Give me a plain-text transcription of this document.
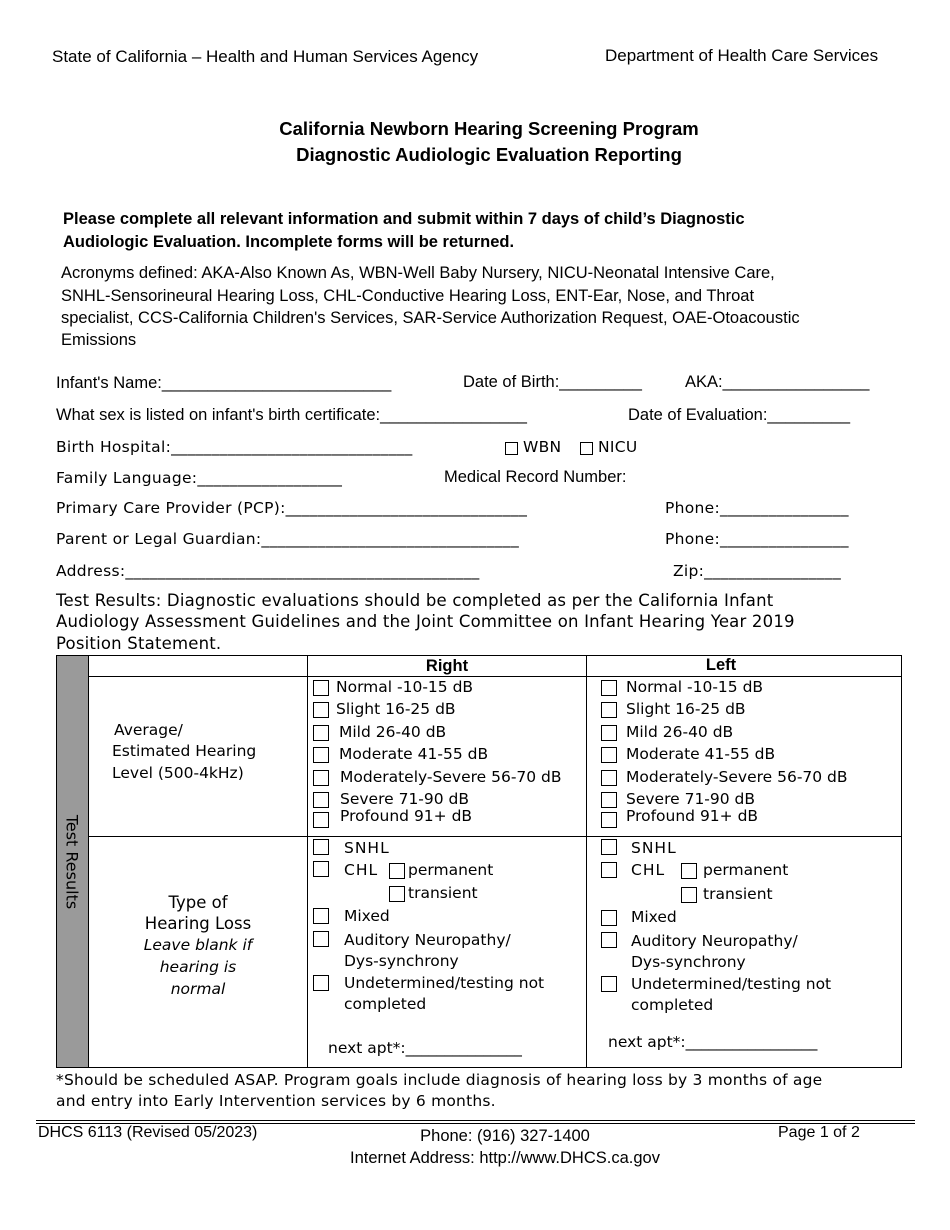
State of California – Health and Human Services Agency	Department of Health Care Services
California Newborn Hearing Screening Program
Diagnostic Audiologic Evaluation Reporting
Please complete all relevant information and submit within 7 days of child’s Diagnostic
Audiologic Evaluation. Incomplete forms will be returned.
Acronyms defined: AKA-Also Known As, WBN-Well Baby Nursery, NICU-Neonatal Intensive Care,
SNHL-Sensorineural Hearing Loss, CHL-Conductive Hearing Loss, ENT-Ear, Nose, and Throat
specialist, CCS-California Children's Services, SAR-Service Authorization Request, OAE-Otoacoustic
Emissions
Infant's Name:_________________________	Date of Birth:_________	AKA:________________
What sex is listed on infant's birth certificate:________________	Date of Evaluation:_________
Birth Hospital:______________________________	WBN NICU
Family Language:__________________	Medical Record Number:
Primary Care Provider (PCP):______________________________	Phone:________________
Parent or Legal Guardian:________________________________	Phone:________________
Address:____________________________________________	Zip:_________________
Test Results: Diagnostic evaluations should be completed as per the California Infant
Audiology Assessment Guidelines and the Joint Committee on Infant Hearing Year 2019
Position Statement.
Test Results
Right	Left
Average/
Estimated Hearing
Level (500-4kHz)
Normal -10-15 dB
Slight 16-25 dB
Mild 26-40 dB
Moderate 41-55 dB
Moderately-Severe 56-70 dB
Severe 71-90 dB
Profound 91+ dB
Normal -10-15 dB
Slight 16-25 dB
Mild 26-40 dB
Moderate 41-55 dB
Moderately-Severe 56-70 dB
Severe 71-90 dB
Profound 91+ dB
Type of
Hearing Loss
Leave blank if
hearing is
normal
SNHL
CHL permanent
transient
Mixed
Auditory Neuropathy/
Dys-synchrony
Undetermined/testing not
completed
next apt*:_______________
SNHL
CHL permanent
transient
Mixed
Auditory Neuropathy/
Dys-synchrony
Undetermined/testing not
completed
next apt*:_________________
*Should be scheduled ASAP. Program goals include diagnosis of hearing loss by 3 months of age
and entry into Early Intervention services by 6 months.
DHCS 6113 (Revised 05/2023)	Phone: (916) 327-1400
Internet Address: http://www.DHCS.ca.gov
Page 1 of 2
